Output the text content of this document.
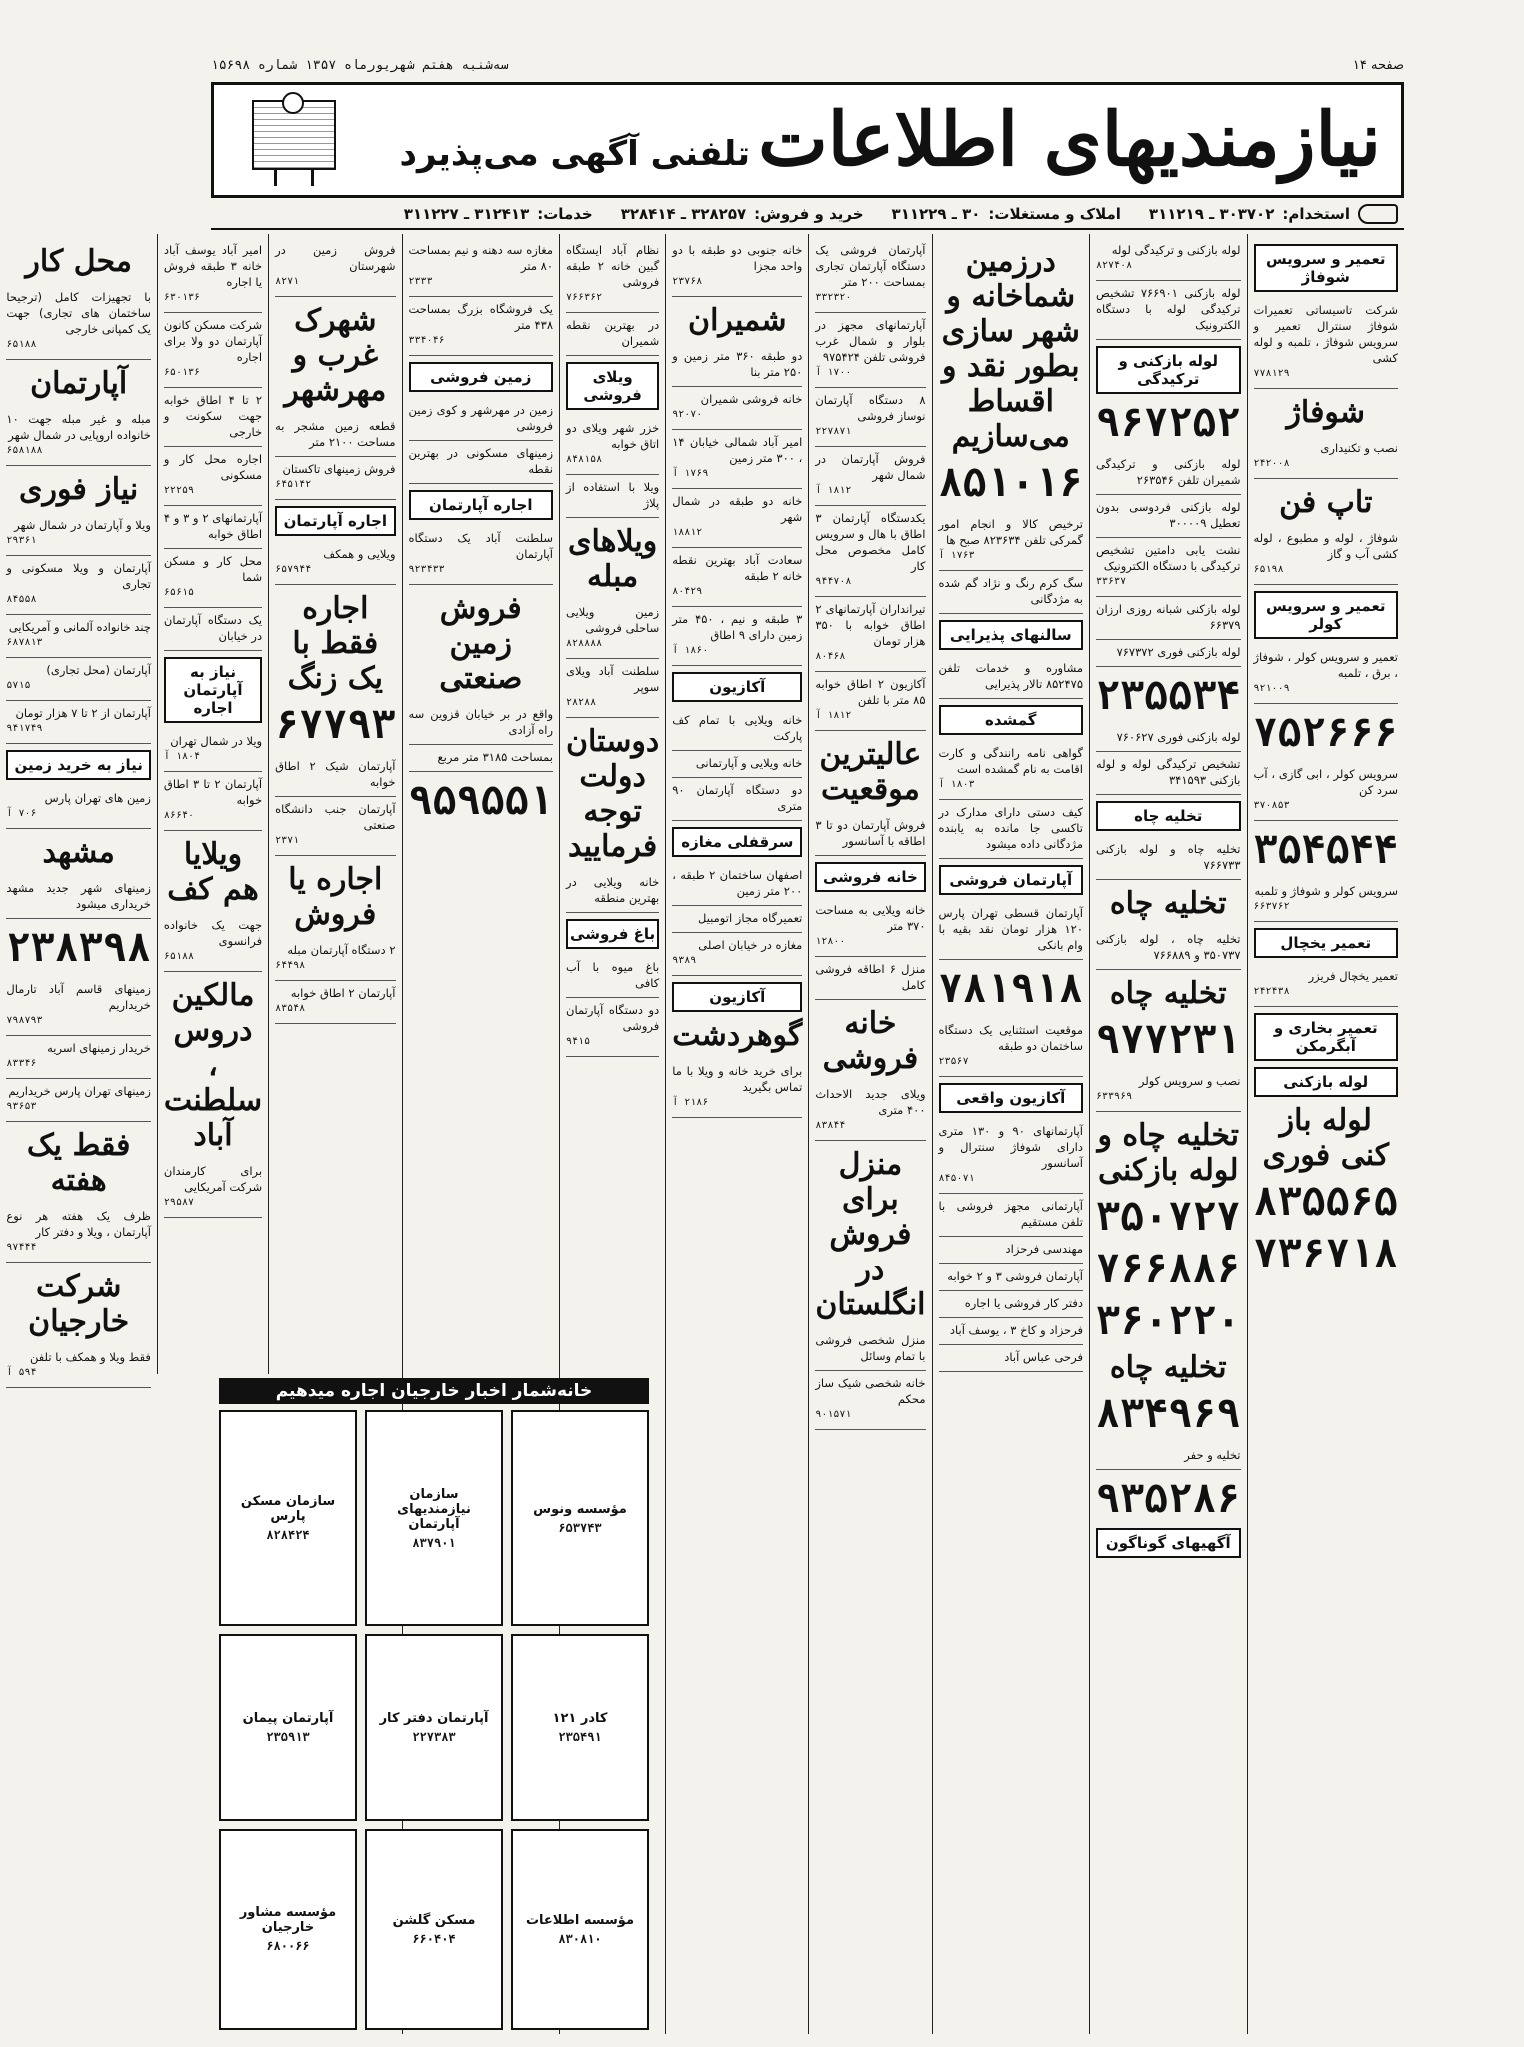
صفحه ۱۴
سه‌شنبه هفتم شهریورماه ۱۳۵۷ شماره ۱۵۶۹۸
نیازمندیهای اطلاعات
تلفنی آگهی می‌پذیرد
استخدام:۳۰۳۷۰۲ ـ ۳۱۱۲۱۹
املاک و مستغلات:۳۰ ـ ۳۱۱۲۲۹
خرید و فروش:۳۲۸۲۵۷ ـ ۳۲۸۴۱۴
خدمات:۳۱۲۴۱۳ ـ ۳۱۱۲۲۷
تعمیر و سرویس شوفاژ
شرکت تاسیساتی تعمیرات شوفاژ سنترال تعمیر و سرویس شوفاژ ، تلمبه و لوله کشی
۷۷۸۱۲۹
شوفاژ
نصب و تکنیداری
۲۴۲۰۰۸
تاپ فن
شوفاژ ، لوله و مطبوع ، لوله کشی آب و گاز
۶۵۱۹۸
تعمیر و سرویس کولر
تعمیر و سرویس کولر ، شوفاژ ، برق ، تلمبه
۹۲۱۰۰۹
۷۵۲۶۶۶
سرویس کولر ، ابی گازی ، آب سرد کن
۳۷۰۸۵۳
۳۵۴۵۴۴
سرویس کولر و شوفاژ و تلمبه
۶۶۳۷۶۲
تعمیر یخچال
تعمیر یخچال فریزر
۲۴۲۴۳۸
تعمیر بخاری و آبگرمکن
لوله بازکنی
لوله باز کنی فوری
۸۳۵۵۶۵
۷۳۶۷۱۸
لوله بازکنی و ترکیدگی لوله
۸۲۷۴۰۸
لوله بازکنی ۷۶۶۹۰۱ تشخیص ترکیدگی لوله با دستگاه الکترونیک
لوله بازکنی و ترکیدگی
۹۶۷۲۵۲
لوله بازکنی و ترکیدگی شمیران تلفن ۲۶۳۵۴۶
لوله بازکنی فردوسی بدون تعطیل ۳۰۰۰۰۹
نشت یابی دامتین تشخیص ترکیدگی با دستگاه الکترونیک
۳۳۶۳۷
لوله بازکنی شبانه روزی ارزان ۶۶۳۷۹
لوله بازکنی فوری ۷۶۷۳۷۲
۲۳۵۵۳۴
لوله بازکنی فوری ۷۶۰۶۲۷
تشخیص ترکیدگی لوله و لوله بازکنی ۳۴۱۵۹۳
تخلیه چاه
تخلیه چاه و لوله بازکنی ۷۶۶۷۳۳
تخلیه چاه
تخلیه چاه ، لوله بازکنی ۳۵۰۷۳۷ و ۷۶۶۸۸۹
تخلیه چاه
۹۷۷۲۳۱
نصب و سرویس کولر
۶۳۳۹۶۹
تخلیه چاه و لوله بازکنی
۳۵۰۷۲۷
۷۶۶۸۸۶
۳۶۰۲۲۰
تخلیه چاه
۸۳۴۹۶۹
تخلیه و حفر
۹۳۵۲۸۶
آگهیهای گوناگون
درزمین شماخانه و شهر سازی بطور نقد و اقساط می‌سازیم
۸۵۱۰۱۶
ترخیص کالا و انجام امور گمرکی تلفن ۸۲۳۶۳۴ صبح ها
۱۷۶۳ آ
سگ کرم رنگ و نژاد گم شده به مژدگانی
سالنهای پذیرایی
مشاوره و خدمات تلفن ۸۵۲۴۷۵ تالار پذیرایی
گمشده
گواهی نامه رانندگی و کارت اقامت به نام گمشده است
۱۸۰۳ آ
کیف دستی دارای مدارک در تاکسی جا مانده به یابنده مژدگانی داده میشود
آپارتمان فروشی
آپارتمان قسطی تهران پارس ۱۲۰ هزار تومان نقد بقیه با وام بانکی
۷۸۱۹۱۸
موقعیت استثنایی یک دستگاه ساختمان دو طبقه
۲۳۵۶۷
آکازیون واقعی
آپارتمانهای ۹۰ و ۱۳۰ متری دارای شوفاژ سنترال و آسانسور
۸۴۵۰۷۱
آپارتمانی مجهز فروشی با تلفن مستقیم
مهندسی فرحزاد
آپارتمان فروشی ۳ و ۲ خوابه
دفتر کار فروشی یا اجاره
فرحزاد و کاخ ۳ ، یوسف آباد
فرحی عباس آباد
آپارتمان فروشی یک دستگاه آپارتمان تجاری بمساحت ۲۰۰ متر
۳۳۲۳۲۰
آپارتمانهای مجهز در بلوار و شمال غرب فروشی تلفن ۹۷۵۴۲۴
۱۷۰۰ آ
۸ دستگاه آپارتمان نوساز فروشی
۲۲۷۸۷۱
فروش آپارتمان در شمال شهر
۱۸۱۲ آ
یکدستگاه آپارتمان ۳ اطاق با هال و سرویس کامل مخصوص محل کار
۹۴۴۷۰۸
تیرانداران آپارتمانهای ۲ اطاق خوابه با ۳۵۰ هزار تومان
۸۰۴۶۸
آکازیون ۲ اطاق خوابه ۸۵ متر با تلفن
۱۸۱۲ آ
عالیترین موقعیت
فروش آپارتمان دو تا ۳ اطاقه با آسانسور
خانه فروشی
خانه ویلایی به مساحت ۳۷۰ متر
۱۲۸۰۰
منزل ۶ اطاقه فروشی کامل
خانه فروشی
ویلای جدید الاحداث ۴۰۰ متری
۸۳۸۴۴
منزل برای فروش در انگلستان
منزل شخصی فروشی با تمام وسائل
خانه شخصی شیک ساز محکم
۹۰۱۵۷۱
خانه جنوبی دو طبقه با دو واحد مجزا
۲۳۷۶۸
شمیران
دو طبقه ۳۶۰ متر زمین و ۲۵۰ متر بنا
خانه فروشی شمیران
۹۲۰۷۰
امیر آباد شمالی خیابان ۱۴ ، ۳۰۰ متر زمین
۱۷۶۹ آ
خانه دو طبقه در شمال شهر
۱۸۸۱۲
سعادت آباد بهترین نقطه خانه ۲ طبقه
۸۰۴۲۹
۳ طبقه و نیم ، ۴۵۰ متر زمین دارای ۹ اطاق
۱۸۶۰ آ
آکازیون
خانه ویلایی با تمام کف پارکت
خانه ویلایی و آپارتمانی
دو دستگاه آپارتمان ۹۰ متری
سرقفلی مغازه
اصفهان ساختمان ۲ طبقه ، ۲۰۰ متر زمین
تعمیرگاه مجاز اتومبیل
مغازه در خیابان اصلی
۹۳۸۹
آکازیون
گوهردشت
برای خرید خانه و ویلا با ما تماس بگیرید
۲۱۸۶ آ
نظام آباد ایستگاه گبین خانه ۲ طبقه فروشی
۷۶۶۳۶۲
در بهترین نقطه شمیران
ویلای فروشی
خزر شهر ویلای دو اتاق خوابه
۸۴۸۱۵۸
ویلا با استفاده از پلاژ
ویلاهای مبله
زمین ویلایی ساحلی فروشی
۸۲۸۸۸۸
سلطنت آباد ویلای سوپر
۲۸۲۸۸
دوستان دولت توجه فرمایید
خانه ویلایی در بهترین منطقه
باغ فروشی
باغ میوه با آب کافی
دو دستگاه آپارتمان فروشی
۹۴۱۵
مغازه سه دهنه و نیم بمساحت ۸۰ متر
۲۳۳۳
یک فروشگاه بزرگ بمساحت ۴۳۸ متر
۳۳۴۰۴۶
زمین فروشی
زمین در مهرشهر و کوی زمین فروشی
زمینهای مسکونی در بهترین نقطه
اجاره آپارتمان
سلطنت آباد یک دستگاه آپارتمان
۹۲۳۴۳۳
فروش زمین صنعتی
واقع در بر خیابان قزوین سه راه آزادی
بمساحت ۳۱۸۵ متر مربع
۹۵۹۵۵۱
فروش زمین در شهرستان
۸۲۷۱
شهرک غرب و مهرشهر
قطعه زمین مشجر به مساحت ۲۱۰۰ متر
فروش زمینهای تاکستان
۶۴۵۱۴۲
اجاره آپارتمان
ویلایی و همکف
۶۵۷۹۴۴
اجاره فقط با یک زنگ
۶۷۷۹۳
آپارتمان شیک ۲ اطاق خوابه
آپارتمان جنب دانشگاه صنعتی
۲۳۷۱
اجاره یا فروش
۲ دستگاه آپارتمان مبله
۶۴۴۹۸
آپارتمان ۲ اطاق خوابه
۸۳۵۴۸
امیر آباد یوسف آباد خانه ۳ طبقه فروش یا اجاره
۶۳۰۱۳۶
شرکت مسکن کانون آپارتمان دو ولا برای اجاره
۶۵۰۱۳۶
۲ تا ۴ اطاق خوابه جهت سکونت و خارجی
اجاره محل کار و مسکونی
۲۲۲۵۹
آپارتمانهای ۲ و ۳ و ۴ اطاق خوابه
محل کار و مسکن شما
۶۵۶۱۵
یک دستگاه آپارتمان در خیابان
نیاز به آپارتمان اجاره
ویلا در شمال تهران
۱۸۰۴ آ
آپارتمان ۲ تا ۳ اطاق خوابه
۸۶۶۴۰
ویلایا هم کف
جهت یک خانواده فرانسوی
۶۵۱۸۸
مالکین دروس ، سلطنت آباد
برای کارمندان شرکت آمریکایی
۲۹۵۸۷
محل کار
با تجهیزات کامل (ترجیحا ساختمان های تجاری) جهت یک کمپانی خارجی
۶۵۱۸۸
آپارتمان
مبله و غیر مبله جهت ۱۰ خانواده اروپایی در شمال شهر
۶۵۸۱۸۸
نیاز فوری
ویلا و آپارتمان در شمال شهر
۲۹۳۶۱
آپارتمان و ویلا مسکونی و تجاری
۸۴۵۵۸
چند خانواده آلمانی و آمریکایی
۶۸۷۸۱۳
آپارتمان (محل تجاری)
۵۷۱۵
آپارتمان از ۲ تا ۷ هزار تومان
۹۴۱۷۴۹
نیاز به خرید زمین
زمین های تهران پارس
۷۰۶ آ
مشهد
زمینهای شهر جدید مشهد خریداری میشود
۲۳۸۳۹۸
زمینهای قاسم آباد تارمال خریداریم
۷۹۸۷۹۳
خریدار زمینهای اسریه
۸۳۳۴۶
زمینهای تهران پارس خریداریم
۹۳۶۵۳
فقط یک هفته
ظرف یک هفته هر نوع آپارتمان ، ویلا و دفتر کار
۹۷۴۴۴
شرکت خارجیان
فقط ویلا و همکف با تلفن
۵۹۴ آ
خانه‌شمار اخبار خارجیان اجاره میدهیم
مؤسسه ونوس
۶۵۳۷۴۳
سازمان نیازمندیهای آپارتمان
۸۳۷۹۰۱
سازمان مسکن پارس
۸۲۸۴۲۴
کادر ۱۲۱
۲۳۵۴۹۱
آپارتمان دفتر کار
۲۲۷۳۸۳
آپارتمان پیمان
۲۳۵۹۱۳
مؤسسه اطلاعات
۸۳۰۸۱۰
مسکن گلشن
۶۶۰۴۰۴
مؤسسه مشاور خارجیان
۶۸۰۰۶۶
